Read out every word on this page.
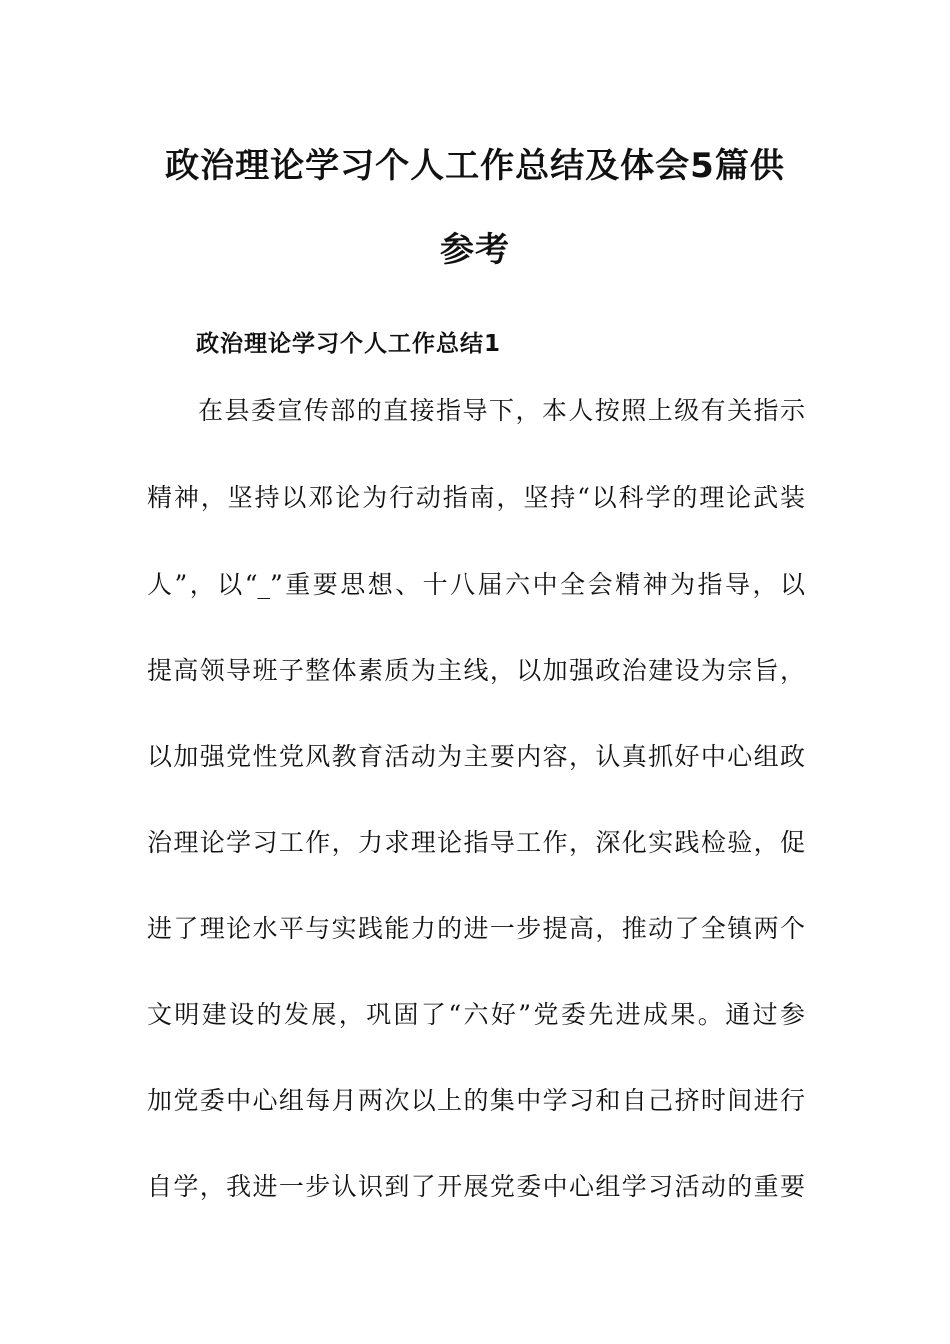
政治理论学习个人工作总结及体会5篇供
参考
政治理论学习个人工作总结1
在县委宣传部的直接指导下，本人按照上级有关指示
精神，坚持以邓论为行动指南，坚持“以科学的理论武装
人”，以“_”重要思想、十八届六中全会精神为指导，以
提高领导班子整体素质为主线，以加强政治建设为宗旨，
以加强党性党风教育活动为主要内容，认真抓好中心组政
治理论学习工作，力求理论指导工作，深化实践检验，促
进了理论水平与实践能力的进一步提高，推动了全镇两个
文明建设的发展，巩固了“六好”党委先进成果。通过参
加党委中心组每月两次以上的集中学习和自己挤时间进行
自学，我进一步认识到了开展党委中心组学习活动的重要
